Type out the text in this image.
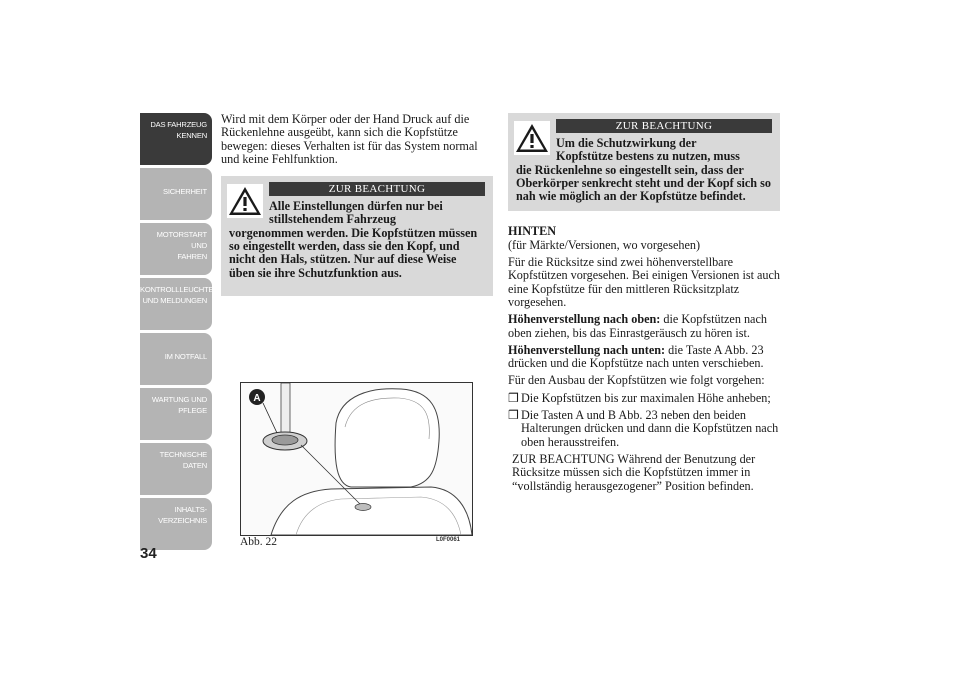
DAS FAHRZEUG
KENNEN
SICHERHEIT
MOTORSTART UND
FAHREN
KONTROLLLEUCHTEN
UND MELDUNGEN
IM NOTFALL
WARTUNG UND
PFLEGE
TECHNISCHE
DATEN
INHALTS-
VERZEICHNIS
34

Wird mit dem Körper oder der Hand Druck auf die Rückenlehne ausgeübt, kann sich die Kopfstütze bewegen: dieses Verhalten ist für das System normal und keine Fehlfunktion.

ZUR BEACHTUNG
Alle Einstellungen dürfen nur bei
stillstehendem Fahrzeug
vorgenommen werden. Die Kopfstützen müssen so eingestellt werden, dass sie den Kopf, und nicht den Hals, stützen. Nur auf diese Weise üben sie ihre Schutzfunktion aus.
A
Abb. 22	L0F0061
ZUR BEACHTUNG
Um die Schutzwirkung der
Kopfstütze bestens zu nutzen, muss
die Rückenlehne so eingestellt sein, dass der Oberkörper senkrecht steht und der Kopf sich so nah wie möglich an der Kopfstütze befindet.

HINTEN

(für Märkte/Versionen, wo vorgesehen)

Für die Rücksitze sind zwei höhenverstellbare Kopfstützen vorgesehen. Bei einigen Versionen ist auch eine Kopfstütze für den mittleren Rücksitzplatz vorgesehen.

Höhenverstellung nach oben: die Kopfstützen nach oben ziehen, bis das Einrastgeräusch zu hören ist.

Höhenverstellung nach unten: die Taste A Abb. 23 drücken und die Kopfstütze nach unten verschieben.

Für den Ausbau der Kopfstützen wie folgt vorgehen:

❒ Die Kopfstützen bis zur maximalen Höhe anheben;

❒ Die Tasten A und B Abb. 23 neben den beiden Halterungen drücken und dann die Kopfstützen nach oben herausstreifen.

ZUR BEACHTUNG Während der Benutzung der Rücksitze müssen sich die Kopfstützen immer in “vollständig herausgezogener” Position befinden.
